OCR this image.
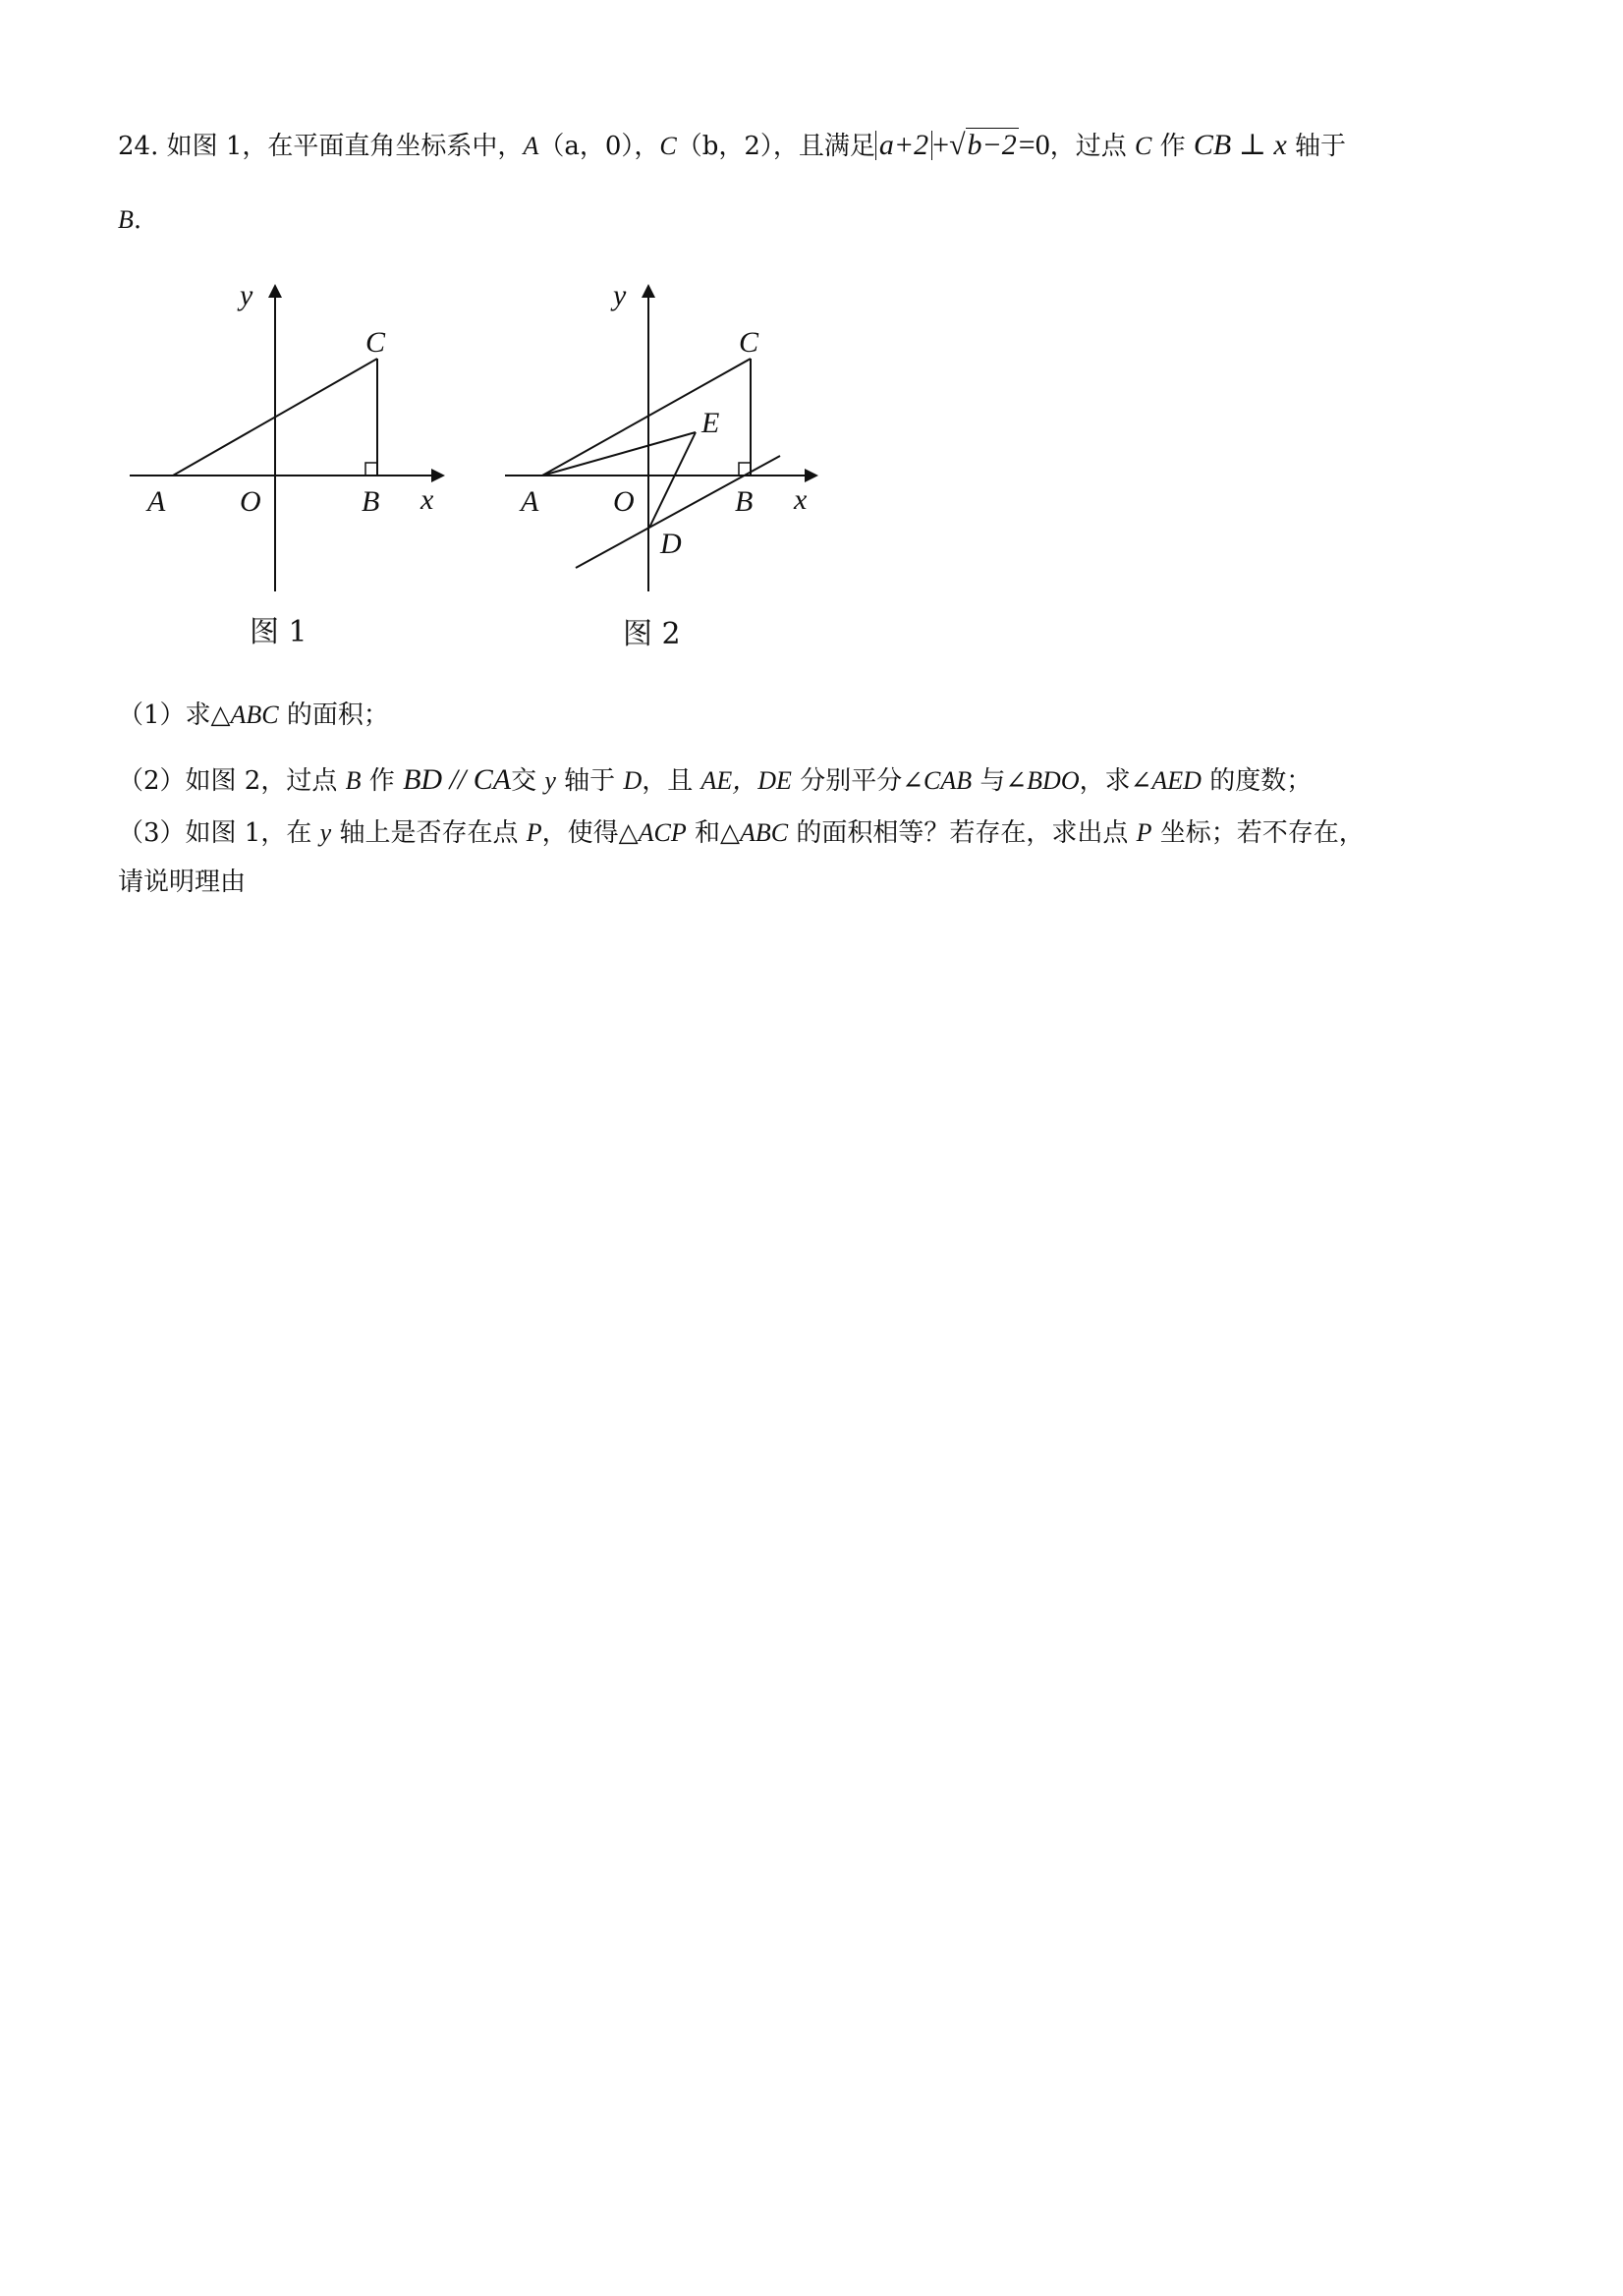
24. 如图 1，在平面直角坐标系中，A（a，0），C（b，2），且满足 a+2 +√b−2=0，过点 C 作 CB ⊥ x 轴于
B.
y
C
A	O	B x
图 1
y
C
E
A	O	B x
D
图 2
（1）求△ABC 的面积；
（2）如图 2，过点 B 作 BD // CA交 y 轴于 D，且 AE，DE 分别平分∠CAB 与∠BDO，求∠AED 的度数；
（3）如图 1，在 y 轴上是否存在点 P，使得△ACP 和△ABC 的面积相等？若存在，求出点 P 坐标；若不存在，
请说明理由
